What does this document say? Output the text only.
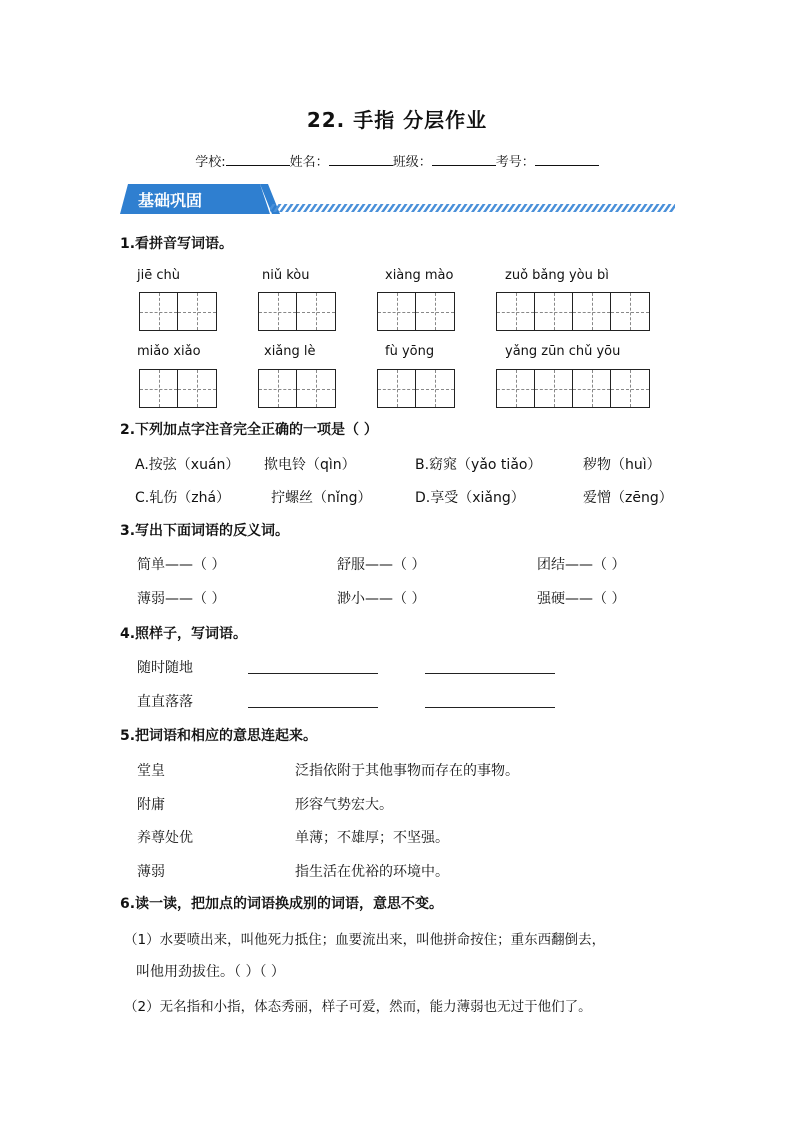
22. 手指 分层作业
学校:	姓名：	班级：	考号：
基础巩固
1.看拼音写词语。
jiē chù	niǔ kòu	xiàng mào	zuǒ bǎng yòu bì
miǎo xiǎo	xiǎng lè	fù yōng	yǎng zūn chǔ yōu
2.下列加点字注音完全正确的一项是（ ）
A.按弦（xuán） 揿电铃（qìn）	B.窈窕（yǎo tiǎo）	秽物（huì）
C.轧伤（zhá）	拧螺丝（nǐng）	D.享受（xiǎng）	爱憎（zēng）
3.写出下面词语的反义词。
简单——（ ）	舒服——（ ）	团结——（ ）
薄弱——（ ）	渺小——（ ）	强硬——（ ）
4.照样子，写词语。
随时随地
直直落落
5.把词语和相应的意思连起来。
堂皇	泛指依附于其他事物而存在的事物。
附庸	形容气势宏大。
养尊处优	单薄；不雄厚；不坚强。
薄弱	指生活在优裕的环境中。
6.读一读，把加点的词语换成别的词语，意思不变。
（1）水要喷出来，叫他死力抵住；血要流出来，叫他拼命按住；重东西翻倒去，
叫他用劲拔住。（ ）（ ）
（2）无名指和小指，体态秀丽，样子可爱，然而，能力薄弱也无过于他们了。
